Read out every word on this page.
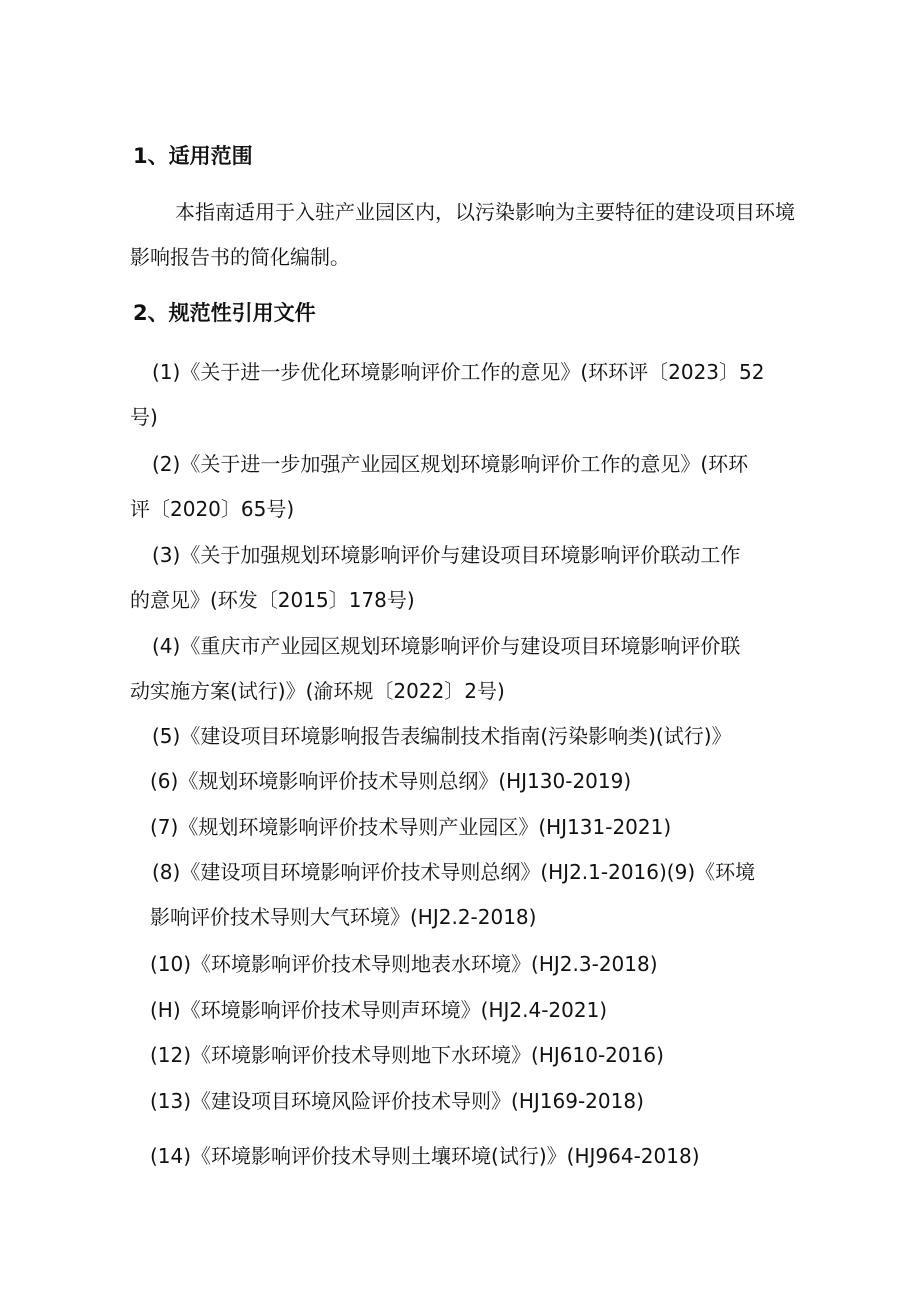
1、适用范围
本指南适用于入驻产业园区内，以污染影响为主要特征的建设项目环境影响报告书的简化编制。
2、规范性引用文件
(1)《关于进一步优化环境影响评价工作的意见》(环环评〔2023〕52
号)
(2)《关于进一步加强产业园区规划环境影响评价工作的意见》(环环
评〔2020〕65号)
(3)《关于加强规划环境影响评价与建设项目环境影响评价联动工作
的意见》(环发〔2015〕178号)
(4)《重庆市产业园区规划环境影响评价与建设项目环境影响评价联
动实施方案(试行)》(渝环规〔2022〕2号)
(5)《建设项目环境影响报告表编制技术指南(污染影响类)(试行)》
(6)《规划环境影响评价技术导则总纲》(HJ130-2019)
(7)《规划环境影响评价技术导则产业园区》(HJ131-2021)
(8)《建设项目环境影响评价技术导则总纲》(HJ2.1-2016)(9)《环境
影响评价技术导则大气环境》(HJ2.2-2018)
(10)《环境影响评价技术导则地表水环境》(HJ2.3-2018)
(H)《环境影响评价技术导则声环境》(HJ2.4-2021)
(12)《环境影响评价技术导则地下水环境》(HJ610-2016)
(13)《建设项目环境风险评价技术导则》(HJ169-2018)
(14)《环境影响评价技术导则土壤环境(试行)》(HJ964-2018)
